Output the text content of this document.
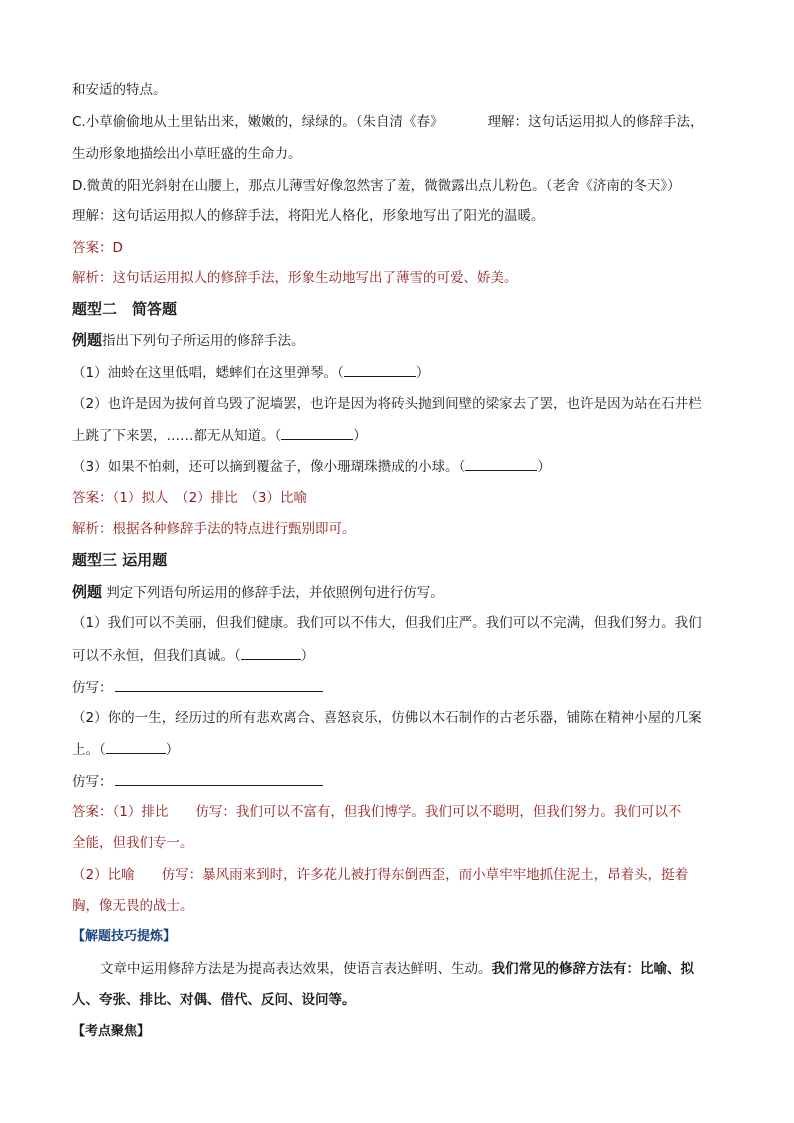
和安适的特点。
C.小草偷偷地从土里钻出来，嫩嫩的，绿绿的。（朱自清《春》	理解：这句话运用拟人的修辞手法，
生动形象地描绘出小草旺盛的生命力。
D.微黄的阳光斜射在山腰上，那点儿薄雪好像忽然害了羞，微微露出点儿粉色。（老舍《济南的冬天》）
理解：这句话运用拟人的修辞手法，将阳光人格化，形象地写出了阳光的温暖。
答案：D
解析：这句话运用拟人的修辞手法，形象生动地写出了薄雪的可爱、娇美。
题型二　简答题
例题指出下列句子所运用的修辞手法。
（1）油蛉在这里低唱，蟋蟀们在这里弹琴。（	）
（2）也许是因为拔何首乌毁了泥墙罢，也许是因为将砖头抛到间壁的梁家去了罢，也许是因为站在石井栏
上跳了下来罢，……都无从知道。（	）
（3）如果不怕刺，还可以摘到覆盆子，像小珊瑚珠攒成的小球。（	）
答案：（1）拟人　（2）排比　（3）比喻
解析：根据各种修辞手法的特点进行甄别即可。
题型三 运用题
例题 判定下列语句所运用的修辞手法，并依照例句进行仿写。
（1）我们可以不美丽，但我们健康。我们可以不伟大，但我们庄严。我们可以不完满，但我们努力。我们
可以不永恒，但我们真诚。（	）
仿写：
（2）你的一生，经历过的所有悲欢离合、喜怒哀乐，仿佛以木石制作的古老乐器，铺陈在精神小屋的几案
上。（	）
仿写：
答案：（1）排比　　仿写：我们可以不富有，但我们博学。我们可以不聪明，但我们努力。我们可以不
全能，但我们专一。
（2）比喻　　仿写：暴风雨来到时，许多花儿被打得东倒西歪，而小草牢牢地抓住泥土，昂着头，挺着
胸，像无畏的战士。
【解题技巧提炼】
文章中运用修辞方法是为提高表达效果，使语言表达鲜明、生动。我们常见的修辞方法有：比喻、拟
人、夸张、排比、对偶、借代、反问、设问等。
【考点聚焦】
